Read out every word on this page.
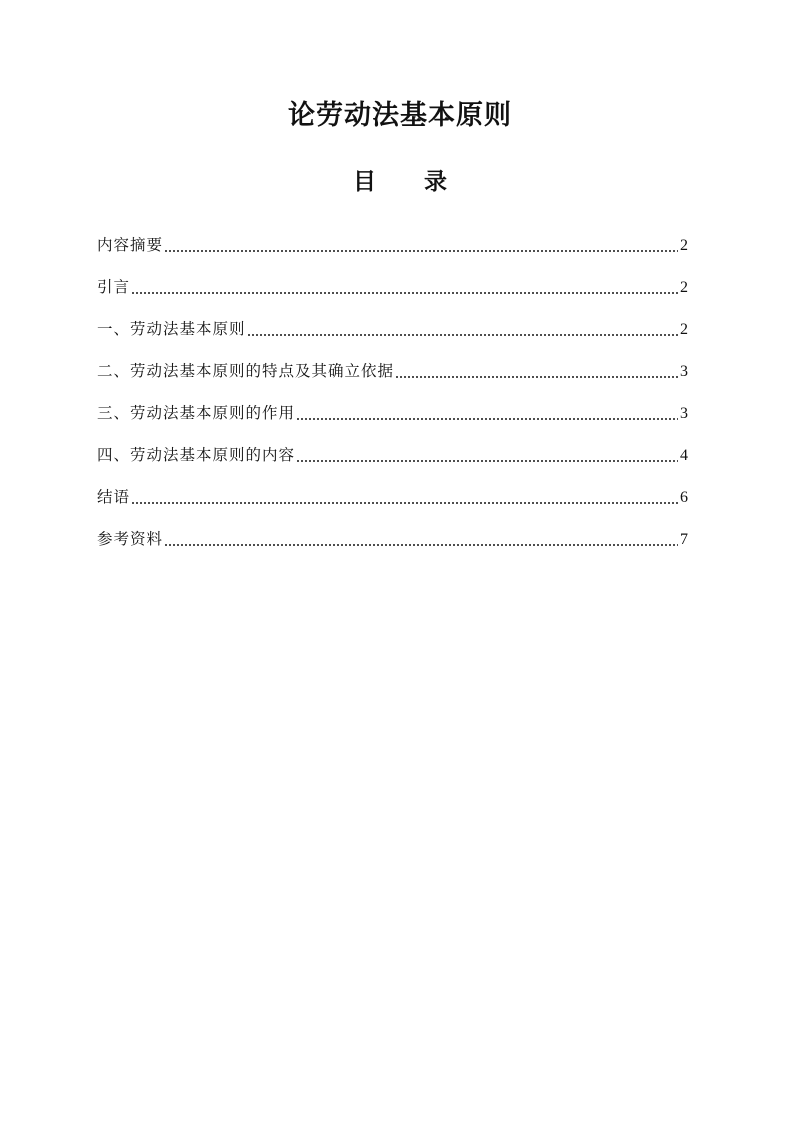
论劳动法基本原则
目 录
内容摘要	2
引言	2
一、劳动法基本原则	2
二、劳动法基本原则的特点及其确立依据	3
三、劳动法基本原则的作用	3
四、劳动法基本原则的内容	4
结语	6
参考资料	7
